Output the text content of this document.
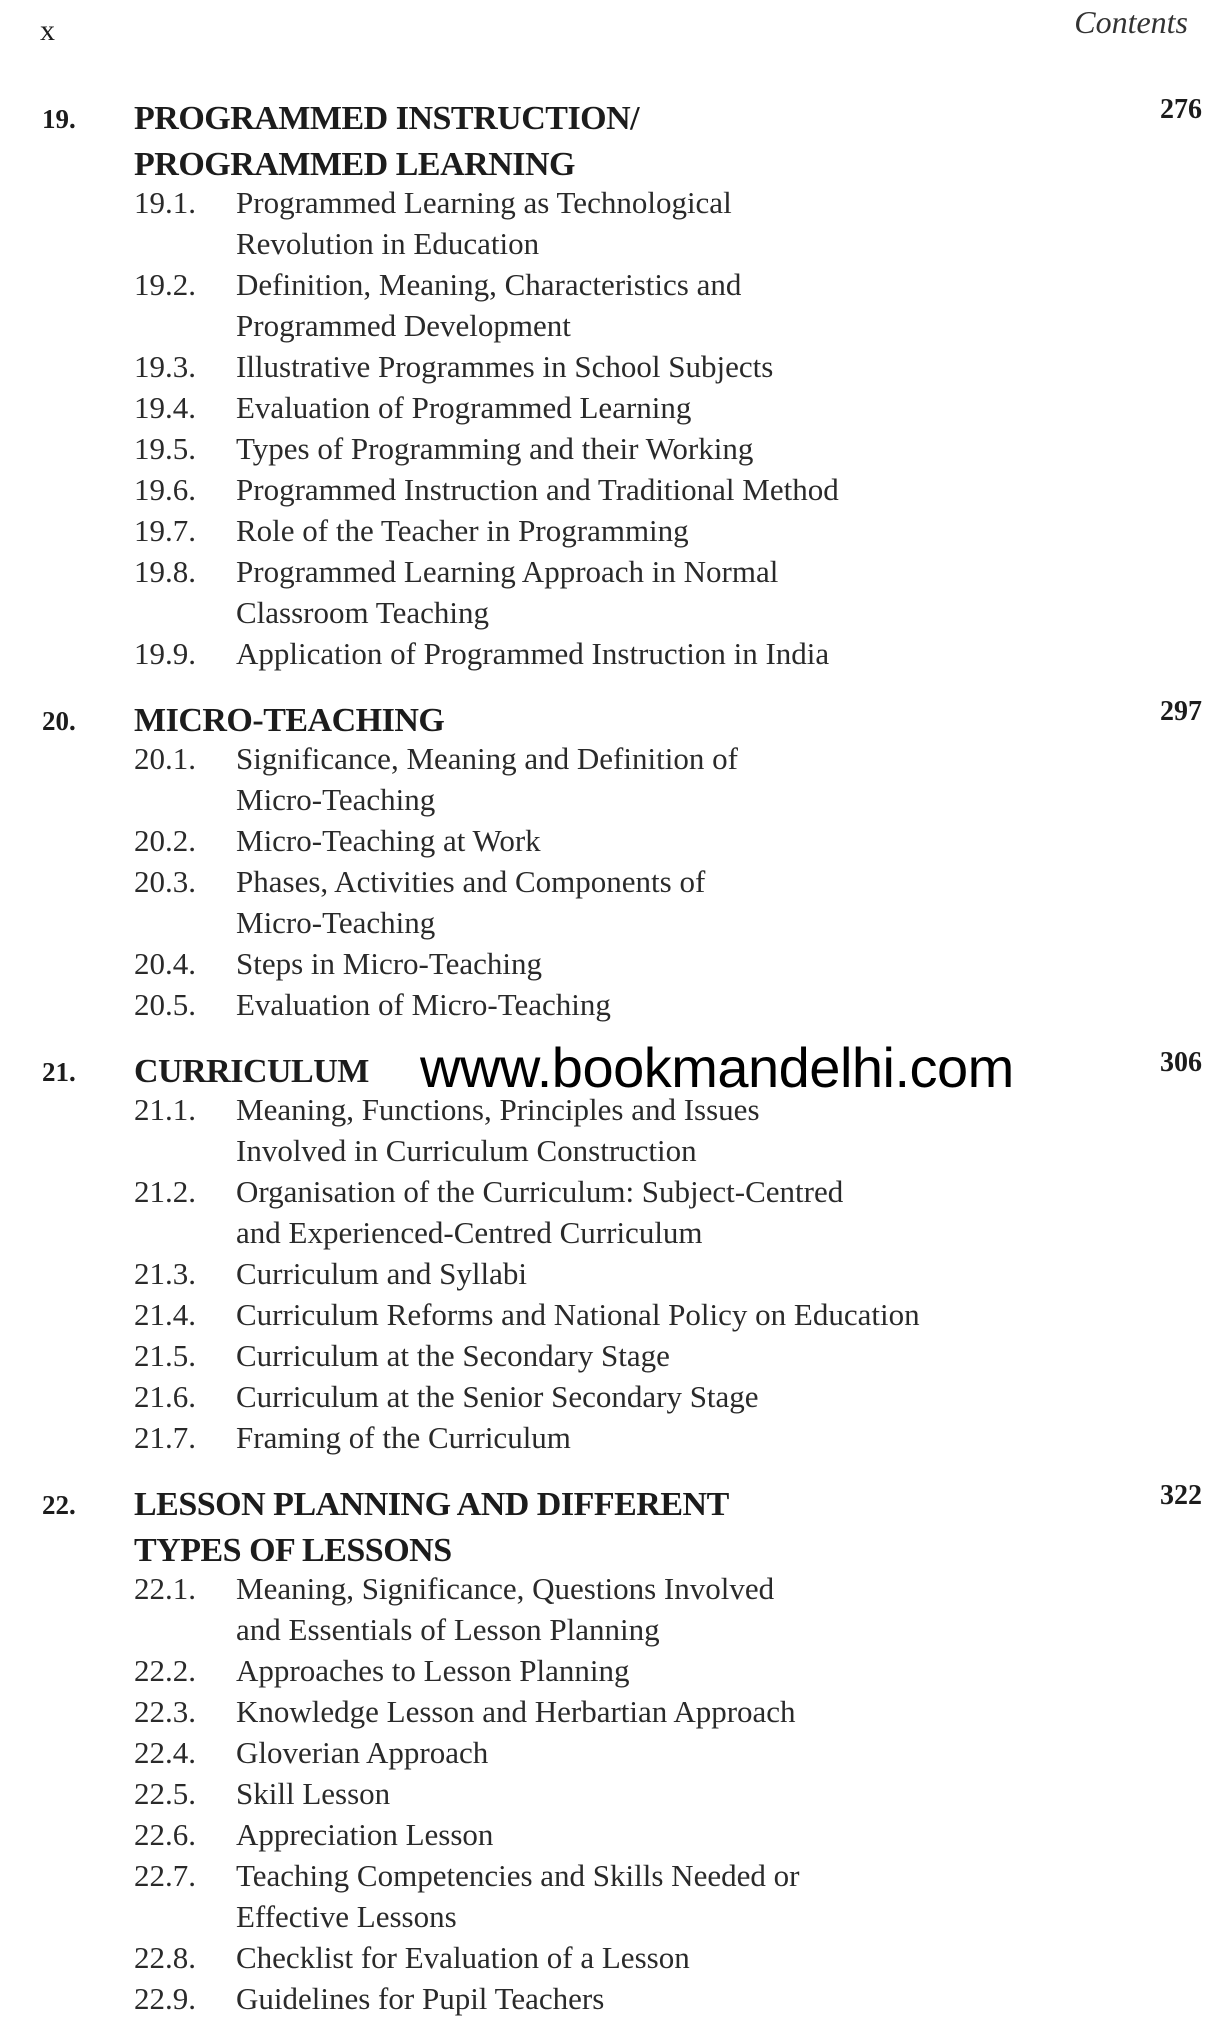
x	Contents
19. PROGRAMMED INSTRUCTION/
PROGRAMMED LEARNING
276
19.1.	Programmed Learning as Technological
Revolution in Education
19.2.	Definition, Meaning, Characteristics and
Programmed Development
19.3.	Illustrative Programmes in School Subjects
19.4.	Evaluation of Programmed Learning
19.5.	Types of Programming and their Working
19.6.	Programmed Instruction and Traditional Method
19.7.	Role of the Teacher in Programming
19.8.	Programmed Learning Approach in Normal
Classroom Teaching
19.9.	Application of Programmed Instruction in India
20. MICRO-TEACHING	297
20.1.	Significance, Meaning and Definition of
Micro-Teaching
20.2.	Micro-Teaching at Work
20.3.	Phases, Activities and Components of
Micro-Teaching
20.4.	Steps in Micro-Teaching
20.5.	Evaluation of Micro-Teaching
21. CURRICULUM	306
www.bookmandelhi.com
21.1.	Meaning, Functions, Principles and Issues
Involved in Curriculum Construction
21.2.	Organisation of the Curriculum: Subject-Centred
and Experienced-Centred Curriculum
21.3.	Curriculum and Syllabi
21.4.	Curriculum Reforms and National Policy on Education
21.5.	Curriculum at the Secondary Stage
21.6.	Curriculum at the Senior Secondary Stage
21.7.	Framing of the Curriculum
22. LESSON PLANNING AND DIFFERENT
TYPES OF LESSONS
322
22.1.	Meaning, Significance, Questions Involved
and Essentials of Lesson Planning
22.2.	Approaches to Lesson Planning
22.3.	Knowledge Lesson and Herbartian Approach
22.4.	Gloverian Approach
22.5.	Skill Lesson
22.6.	Appreciation Lesson
22.7.	Teaching Competencies and Skills Needed or
Effective Lessons
22.8.	Checklist for Evaluation of a Lesson
22.9.	Guidelines for Pupil Teachers
